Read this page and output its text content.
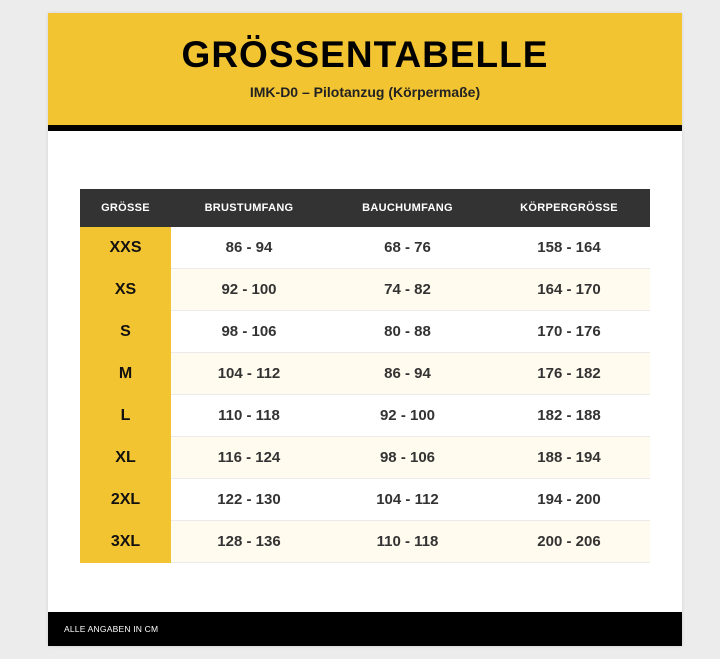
GRÖSSENTABELLE
IMK-D0 – Pilotanzug (Körpermaße)
GRÖSSE	BRUSTUMFANG	BAUCHUMFANG	KÖRPERGRÖSSE
XXS	86 - 94	68 - 76	158 - 164
XS	92 - 100	74 - 82	164 - 170
S	98 - 106	80 - 88	170 - 176
M	104 - 112	86 - 94	176 - 182
L	110 - 118	92 - 100	182 - 188
XL	116 - 124	98 - 106	188 - 194
2XL	122 - 130	104 - 112	194 - 200
3XL	128 - 136	110 - 118	200 - 206
ALLE ANGABEN IN CM
